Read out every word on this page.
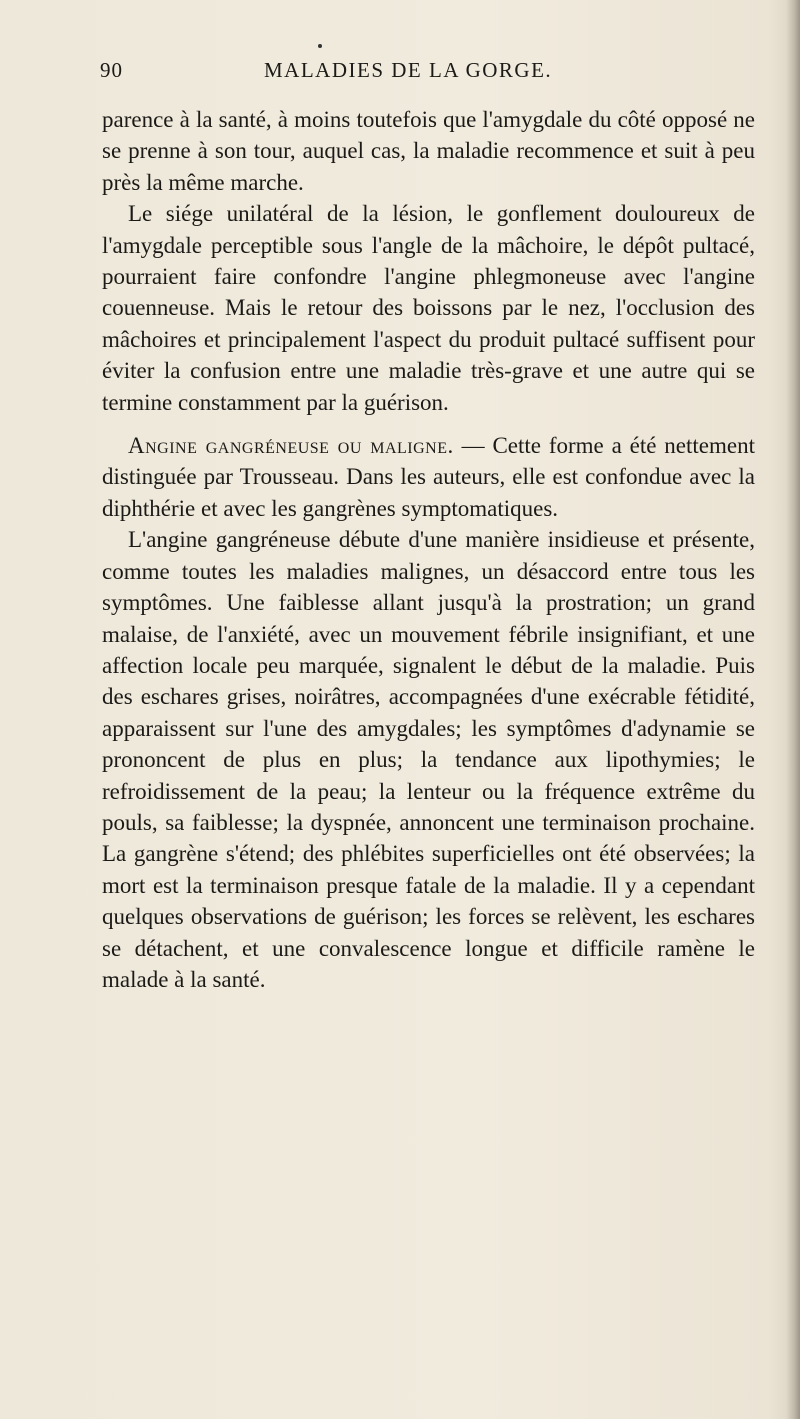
90	MALADIES DE LA GORGE.

parence à la santé, à moins toutefois que l'amygdale du côté opposé ne se prenne à son tour, auquel cas, la maladie recommence et suit à peu près la même marche.

Le siége unilatéral de la lésion, le gonflement douloureux de l'amygdale perceptible sous l'angle de la mâchoire, le dépôt pultacé, pourraient faire confondre l'angine phlegmoneuse avec l'angine couenneuse. Mais le retour des boissons par le nez, l'occlusion des mâchoires et principalement l'aspect du produit pultacé suffisent pour éviter la confusion entre une maladie très-grave et une autre qui se termine constamment par la guérison.

Angine gangréneuse ou maligne. — Cette forme a été nettement distinguée par Trousseau. Dans les auteurs, elle est confondue avec la diphthérie et avec les gangrènes symptomatiques.

L'angine gangréneuse débute d'une manière insidieuse et présente, comme toutes les maladies malignes, un désaccord entre tous les symptômes. Une faiblesse allant jusqu'à la prostration; un grand malaise, de l'anxiété, avec un mouvement fébrile insignifiant, et une affection locale peu marquée, signalent le début de la maladie. Puis des eschares grises, noirâtres, accompagnées d'une exécrable fétidité, apparaissent sur l'une des amygdales; les symptômes d'adynamie se prononcent de plus en plus; la tendance aux lipothymies; le refroidissement de la peau; la lenteur ou la fréquence extrême du pouls, sa faiblesse; la dyspnée, annoncent une terminaison prochaine. La gangrène s'étend; des phlébites superficielles ont été observées; la mort est la terminaison presque fatale de la maladie. Il y a cependant quelques observations de guérison; les forces se relèvent, les eschares se détachent, et une convalescence longue et difficile ramène le malade à la santé.
